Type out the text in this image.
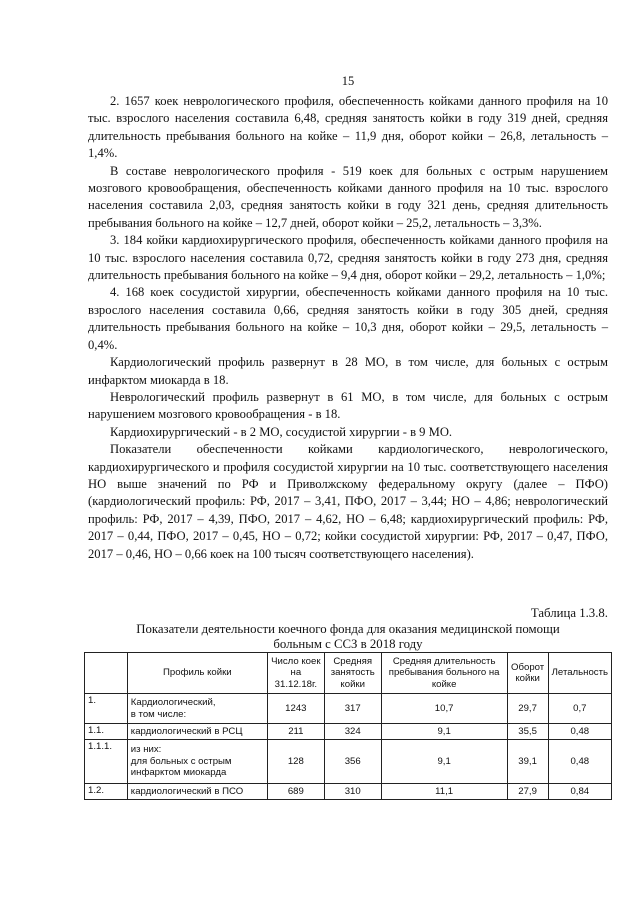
15

2. 1657 коек неврологического профиля, обеспеченность койками данного профиля на 10 тыс. взрослого населения составила 6,48, средняя занятость койки в году 319 дней, средняя длительность пребывания больного на койке – 11,9 дня, оборот койки – 26,8, летальность – 1,4%.

В составе неврологического профиля - 519 коек для больных с острым нарушением мозгового кровообращения, обеспеченность койками данного профиля на 10 тыс. взрослого населения составила 2,03, средняя занятость койки в году 321 день, средняя длительность пребывания больного на койке – 12,7 дней, оборот койки – 25,2, летальность – 3,3%.

3. 184 койки кардиохирургического профиля, обеспеченность койками данного профиля на 10 тыс. взрослого населения составила 0,72, средняя занятость койки в году 273 дня, средняя длительность пребывания больного на койке – 9,4 дня, оборот койки – 29,2, летальность – 1,0%;

4. 168 коек сосудистой хирургии, обеспеченность койками данного профиля на 10 тыс. взрослого населения составила 0,66, средняя занятость койки в году 305 дней, средняя длительность пребывания больного на койке – 10,3 дня, оборот койки – 29,5, летальность – 0,4%.

Кардиологический профиль развернут в 28 МО, в том числе, для больных с острым инфарктом миокарда в 18.

Неврологический профиль развернут в 61 МО, в том числе, для больных с острым нарушением мозгового кровообращения - в 18.

Кардиохирургический - в 2 МО, сосудистой хирургии - в 9 МО.

Показатели обеспеченности койками кардиологического, неврологического, кардиохирургического и профиля сосудистой хирургии на 10 тыс. соответствующего населения НО выше значений по РФ и Приволжскому федеральному округу (далее – ПФО) (кардиологический профиль: РФ, 2017 – 3,41, ПФО, 2017 – 3,44; НО – 4,86; неврологический профиль: РФ, 2017 – 4,39, ПФО, 2017 – 4,62, НО – 6,48; кардиохирургический профиль: РФ, 2017 – 0,44, ПФО, 2017 – 0,45, НО – 0,72; койки сосудистой хирургии: РФ, 2017 – 0,47, ПФО, 2017 – 0,46, НО – 0,66 коек на 100 тысяч соответствующего населения).

Таблица 1.3.8.
Показатели деятельности коечного фонда для оказания медицинской помощи
больным с ССЗ в 2018 году
	Профиль койки	Число коек на 31.12.18г.	Средняя занятость койки	Средняя длительность пребывания больного на койке	Оборот койки	Летальность
1.	Кардиологический,
в том числе:	1243	317	10,7	29,7	0,7
1.1.	кардиологический в РСЦ	211	324	9,1	35,5	0,48
1.1.1.	из них:
для больных с острым инфарктом миокарда	128	356	9,1	39,1	0,48
1.2.	кардиологический в ПСО	689	310	11,1	27,9	0,84
